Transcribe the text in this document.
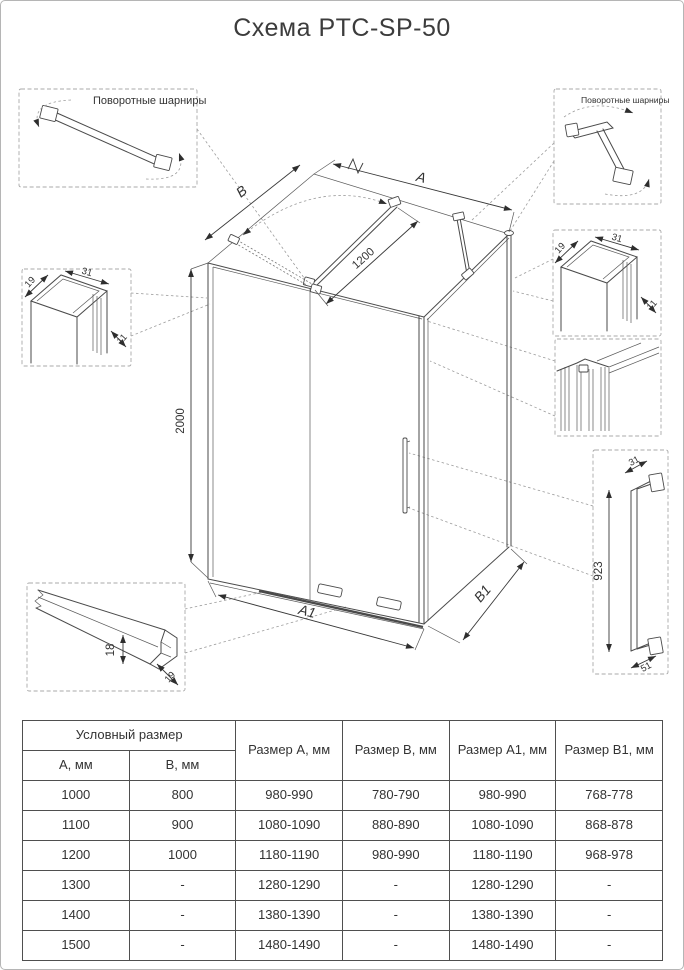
Схема PTC-SP-50
A
B
1200
2000
A1
B1
Поворотные шарниры	Поворотные шарниры
19
31
11
19
31
11
923
31
51
18
19
Условный размер		Размер А, мм	Размер В, мм	Размер А1, мм	Размер В1, мм
А, мм	В, мм				
1000	800	980-990	780-790	980-990	768-778
1100	900	1080-1090	880-890	1080-1090	868-878
1200	1000	1180-1190	980-990	1180-1190	968-978
1300	-	1280-1290	-	1280-1290	-
1400	-	1380-1390	-	1380-1390	-
1500	-	1480-1490	-	1480-1490	-
